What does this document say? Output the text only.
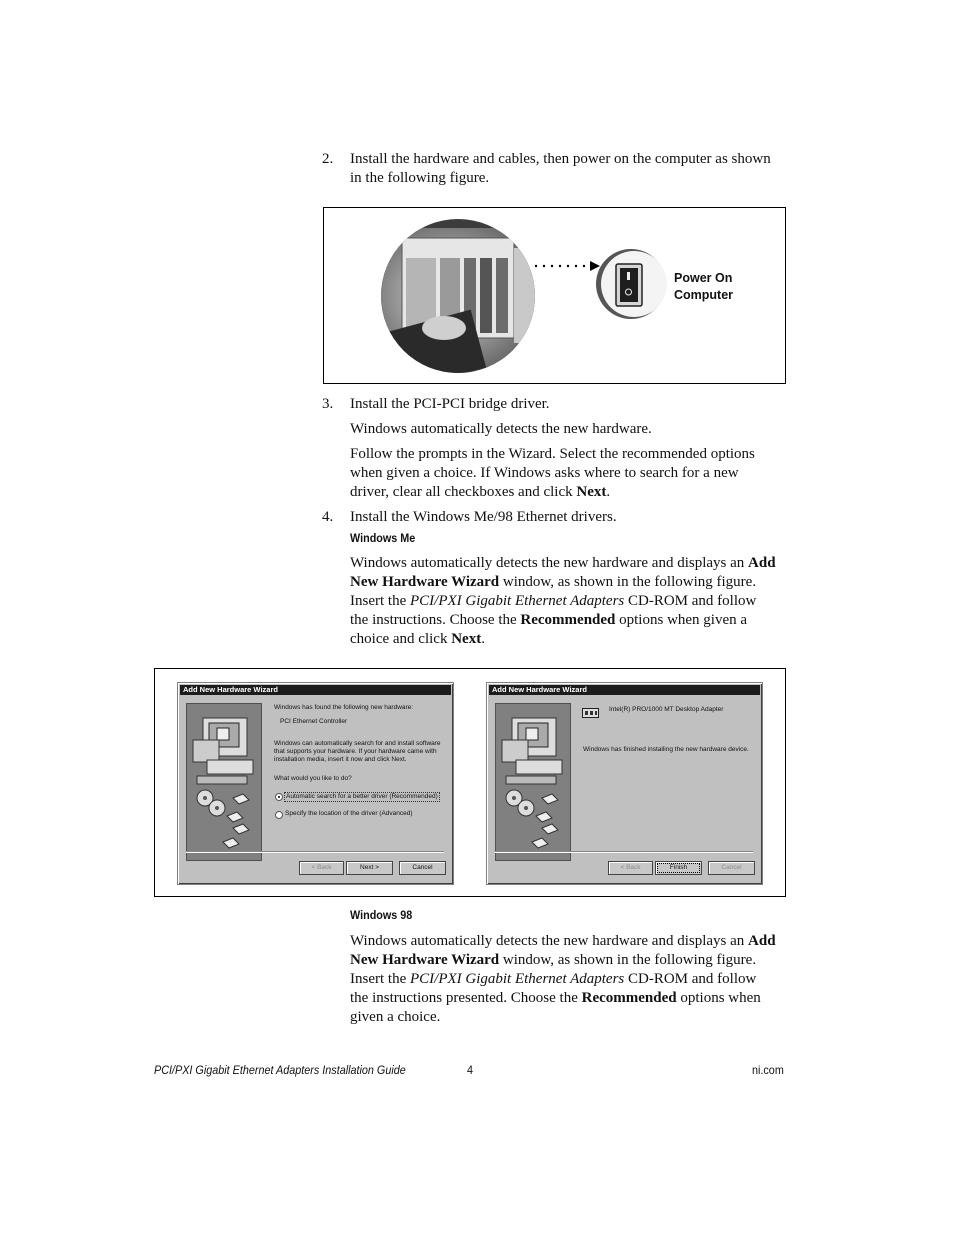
2.	Install the hardware and cables, then power on the computer as shown
in the following figure.
Power On
Computer
3.	Install the PCI-PCI bridge driver.
Windows automatically detects the new hardware.
Follow the prompts in the Wizard. Select the recommended options
when given a choice. If Windows asks where to search for a new
driver, clear all checkboxes and click Next.
4.	Install the Windows Me/98 Ethernet drivers.
Windows Me
Windows automatically detects the new hardware and displays an Add
New Hardware Wizard window, as shown in the following figure.
Insert the PCI/PXI Gigabit Ethernet Adapters CD-ROM and follow
the instructions. Choose the Recommended options when given a
choice and click Next.
Add New Hardware Wizard
Windows has found the following new hardware:
PCI Ethernet Controller
Windows can automatically search for and install software
that supports your hardware. If your hardware came with
installation media, insert it now and click Next.
What would you like to do?
Automatic search for a better driver (Recommended)
Specify the location of the driver (Advanced)
< Back	Next >	Cancel
Add New Hardware Wizard
Intel(R) PRO/1000 MT Desktop Adapter
Windows has finished installing the new hardware device.
< Back	Finish	Cancel
Windows 98
Windows automatically detects the new hardware and displays an Add
New Hardware Wizard window, as shown in the following figure.
Insert the PCI/PXI Gigabit Ethernet Adapters CD-ROM and follow
the instructions presented. Choose the Recommended options when
given a choice.
PCI/PXI Gigabit Ethernet Adapters Installation Guide	4	ni.com
